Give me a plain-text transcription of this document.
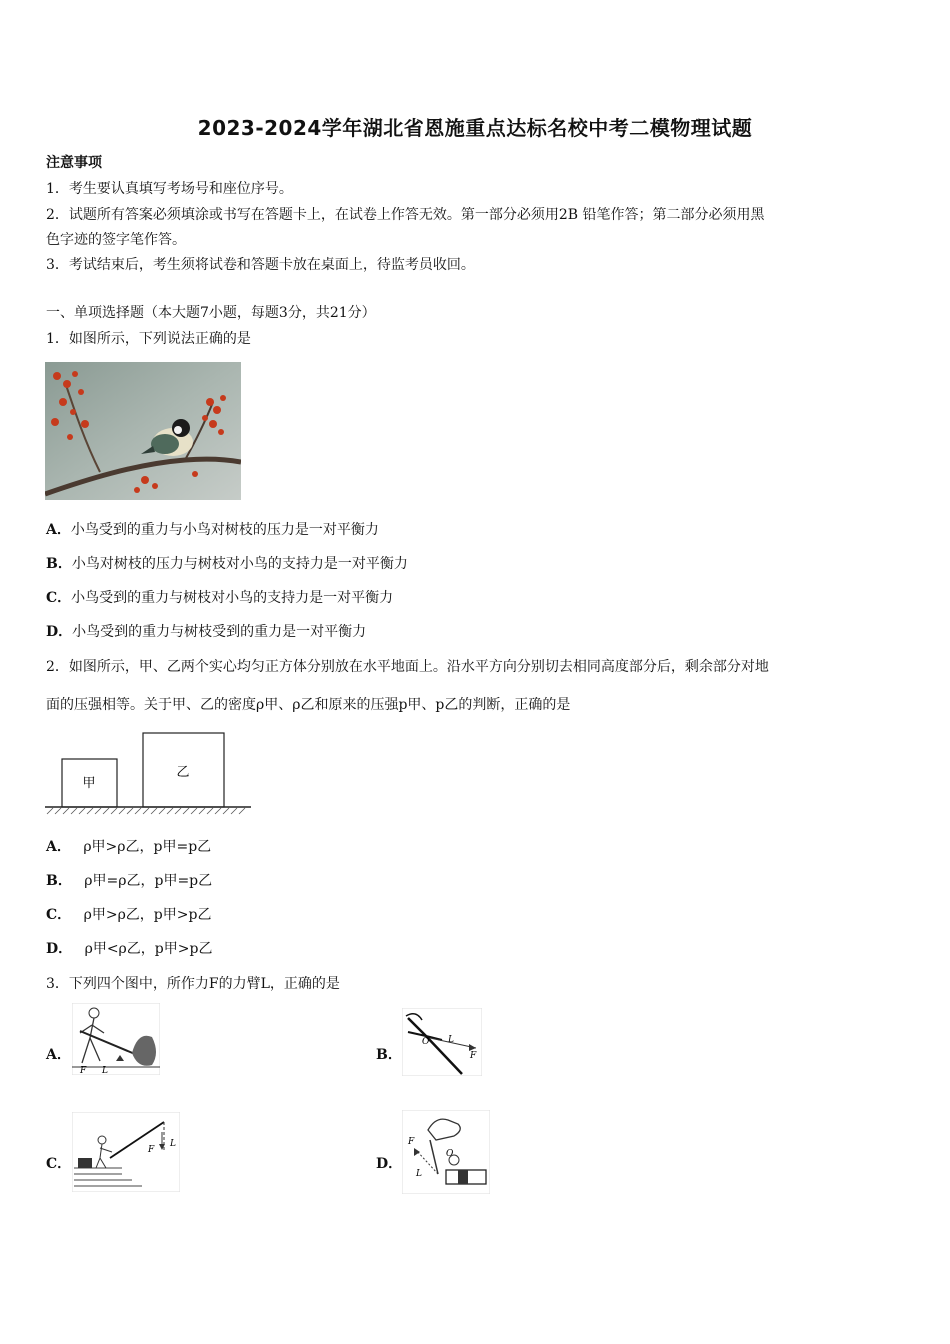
2023-2024学年湖北省恩施重点达标名校中考二模物理试题
注意事项
1．考生要认真填写考场号和座位序号。
2．试题所有答案必须填涂或书写在答题卡上，在试卷上作答无效。第一部分必须用2B 铅笔作答；第二部分必须用黑
色字迹的签字笔作答。
3．考试结束后，考生须将试卷和答题卡放在桌面上，待监考员收回。
一、单项选择题（本大题7小题，每题3分，共21分）
1．如图所示，下列说法正确的是
A．小鸟受到的重力与小鸟对树枝的压力是一对平衡力
B．小鸟对树枝的压力与树枝对小鸟的支持力是一对平衡力
C．小鸟受到的重力与树枝对小鸟的支持力是一对平衡力
D．小鸟受到的重力与树枝受到的重力是一对平衡力
2．如图所示，甲、乙两个实心均匀正方体分别放在水平地面上。沿水平方向分别切去相同高度部分后，剩余部分对地
面的压强相等。关于甲、乙的密度ρ甲、ρ乙和原来的压强p甲、p乙的判断，正确的是
甲
乙
A． ρ甲>ρ乙，p甲=p乙
B． ρ甲=ρ乙，p甲=p乙
C． ρ甲>ρ乙，p甲>p乙
D． ρ甲<ρ乙，p甲>p乙
3．下列四个图中，所作力F的力臂L，正确的是
A．
F L
B．
O L
F
C．
F
L
D．
F
L
O
